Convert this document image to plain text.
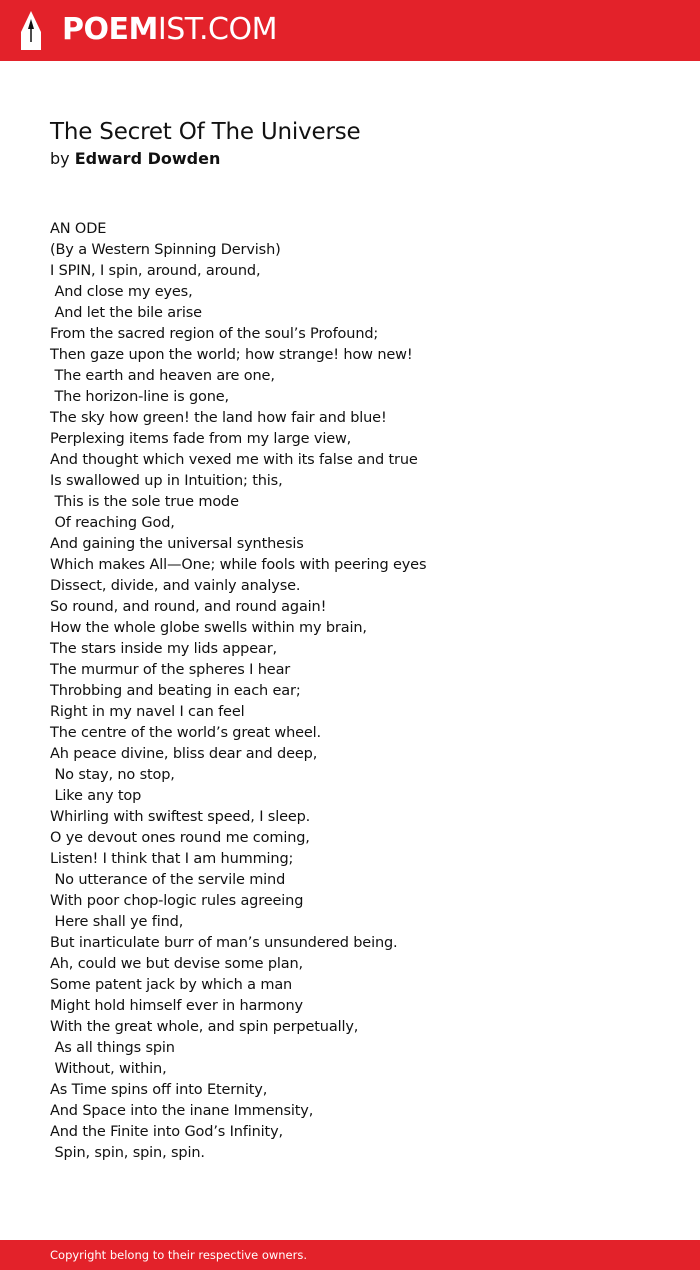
POEMIST.COM
The Secret Of The Universe
by Edward Dowden
AN ODE
(By a Western Spinning Dervish)
I SPIN, I spin, around, around,
And close my eyes,
And let the bile arise
From the sacred region of the soul’s Profound;
Then gaze upon the world; how strange! how new!
The earth and heaven are one,
The horizon-line is gone,
The sky how green! the land how fair and blue!
Perplexing items fade from my large view,
And thought which vexed me with its false and true
Is swallowed up in Intuition; this,
This is the sole true mode
Of reaching God,
And gaining the universal synthesis
Which makes All—One; while fools with peering eyes
Dissect, divide, and vainly analyse.
So round, and round, and round again!
How the whole globe swells within my brain,
The stars inside my lids appear,
The murmur of the spheres I hear
Throbbing and beating in each ear;
Right in my navel I can feel
The centre of the world’s great wheel.
Ah peace divine, bliss dear and deep,
No stay, no stop,
Like any top
Whirling with swiftest speed, I sleep.
O ye devout ones round me coming,
Listen! I think that I am humming;
No utterance of the servile mind
With poor chop-logic rules agreeing
Here shall ye find,
But inarticulate burr of man’s unsundered being.
Ah, could we but devise some plan,
Some patent jack by which a man
Might hold himself ever in harmony
With the great whole, and spin perpetually,
As all things spin
Without, within,
As Time spins off into Eternity,
And Space into the inane Immensity,
And the Finite into God’s Infinity,
Spin, spin, spin, spin.
Copyright belong to their respective owners.
